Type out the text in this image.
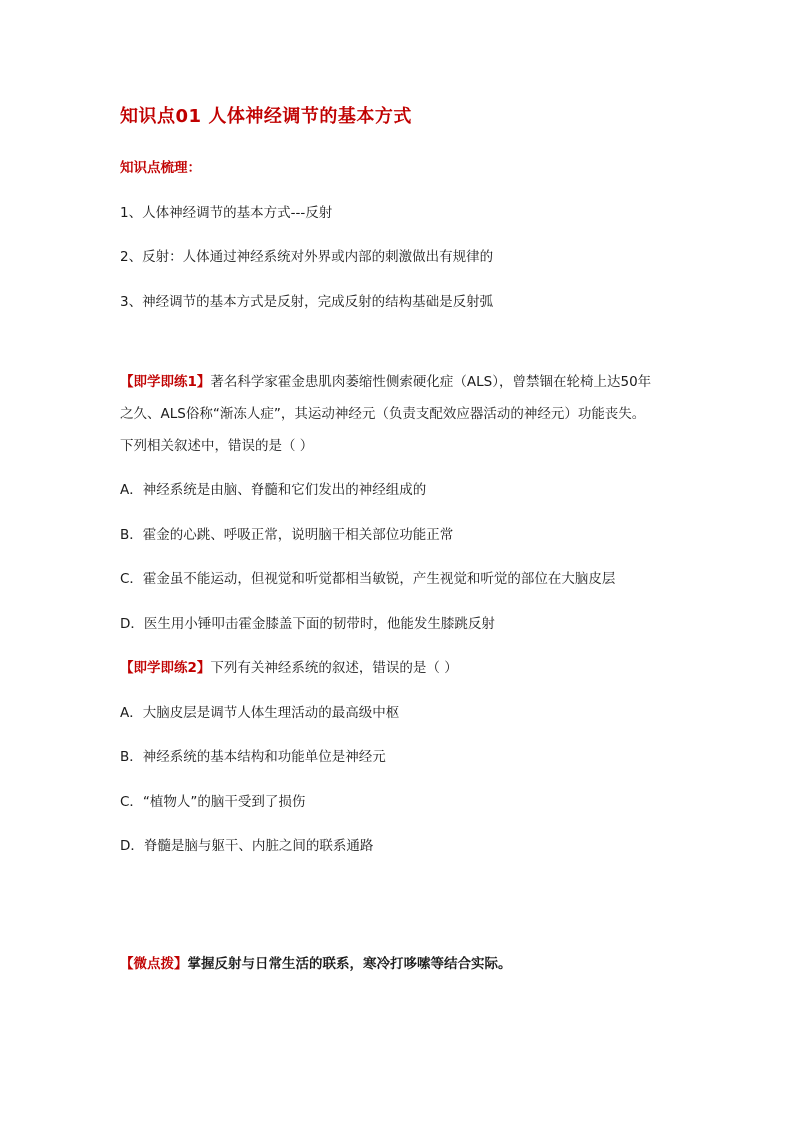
知识点01 人体神经调节的基本方式
知识点梳理：
1、人体神经调节的基本方式---反射
2、反射：人体通过神经系统对外界或内部的刺激做出有规律的
3、神经调节的基本方式是反射，完成反射的结构基础是反射弧
【即学即练1】著名科学家霍金患肌肉萎缩性侧索硬化症（ALS），曾禁锢在轮椅上达50年
之久、ALS俗称“渐冻人症”，其运动神经元（负责支配效应器活动的神经元）功能丧失。
下列相关叙述中，错误的是（ ）
A．神经系统是由脑、脊髓和它们发出的神经组成的
B．霍金的心跳、呼吸正常，说明脑干相关部位功能正常
C．霍金虽不能运动，但视觉和听觉都相当敏锐，产生视觉和听觉的部位在大脑皮层
D．医生用小锤叩击霍金膝盖下面的韧带时，他能发生膝跳反射
【即学即练2】下列有关神经系统的叙述，错误的是（ ）
A．大脑皮层是调节人体生理活动的最高级中枢
B．神经系统的基本结构和功能单位是神经元
C．“植物人”的脑干受到了损伤
D．脊髓是脑与躯干、内脏之间的联系通路
【微点拨】掌握反射与日常生活的联系，寒冷打哆嗦等结合实际。
